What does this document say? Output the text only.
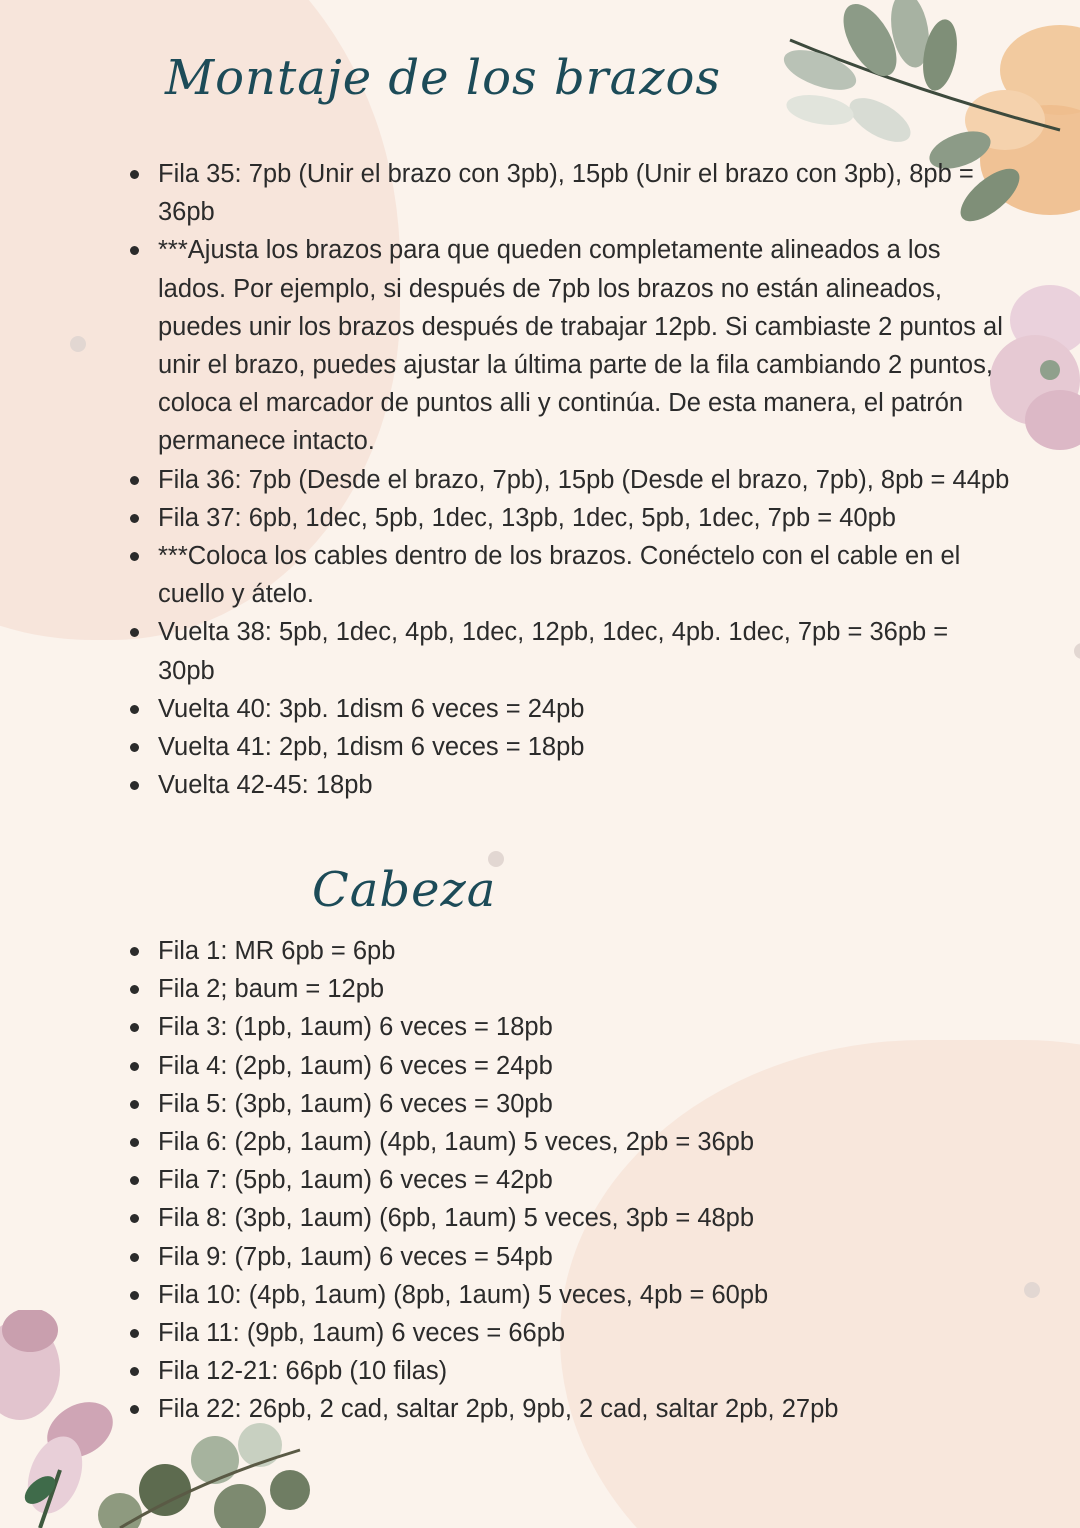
Montaje de los brazos
Fila 35: 7pb (Unir el brazo con 3pb), 15pb (Unir el brazo con 3pb), 8pb = 36pb
***Ajusta los brazos para que queden completamente alineados a los lados. Por ejemplo, si después de 7pb los brazos no están alineados, puedes unir los brazos después de trabajar 12pb. Si cambiaste 2 puntos al unir el brazo, puedes ajustar la última parte de la fila cambiando 2 puntos, coloca el marcador de puntos alli y continúa. De esta manera, el patrón permanece intacto.
Fila 36: 7pb (Desde el brazo, 7pb), 15pb (Desde el brazo, 7pb), 8pb = 44pb
Fila 37: 6pb, 1dec, 5pb, 1dec, 13pb, 1dec, 5pb, 1dec, 7pb = 40pb
***Coloca los cables dentro de los brazos. Conéctelo con el cable en el cuello y átelo.
Vuelta 38: 5pb, 1dec, 4pb, 1dec, 12pb, 1dec, 4pb. 1dec, 7pb = 36pb = 30pb
Vuelta 40: 3pb. 1dism 6 veces = 24pb
Vuelta 41: 2pb, 1dism 6 veces = 18pb
Vuelta 42-45: 18pb
Cabeza
Fila 1: MR 6pb = 6pb
Fila 2; baum = 12pb
Fila 3: (1pb, 1aum) 6 veces = 18pb
Fila 4: (2pb, 1aum) 6 veces = 24pb
Fila 5: (3pb, 1aum) 6 veces = 30pb
Fila 6: (2pb, 1aum) (4pb, 1aum) 5 veces, 2pb = 36pb
Fila 7: (5pb, 1aum) 6 veces = 42pb
Fila 8: (3pb, 1aum) (6pb, 1aum) 5 veces, 3pb = 48pb
Fila 9: (7pb, 1aum) 6 veces = 54pb
Fila 10: (4pb, 1aum) (8pb, 1aum) 5 veces, 4pb = 60pb
Fila 11: (9pb, 1aum) 6 veces = 66pb
Fila 12-21: 66pb (10 filas)
Fila 22: 26pb, 2 cad, saltar 2pb, 9pb, 2 cad, saltar 2pb, 27pb
